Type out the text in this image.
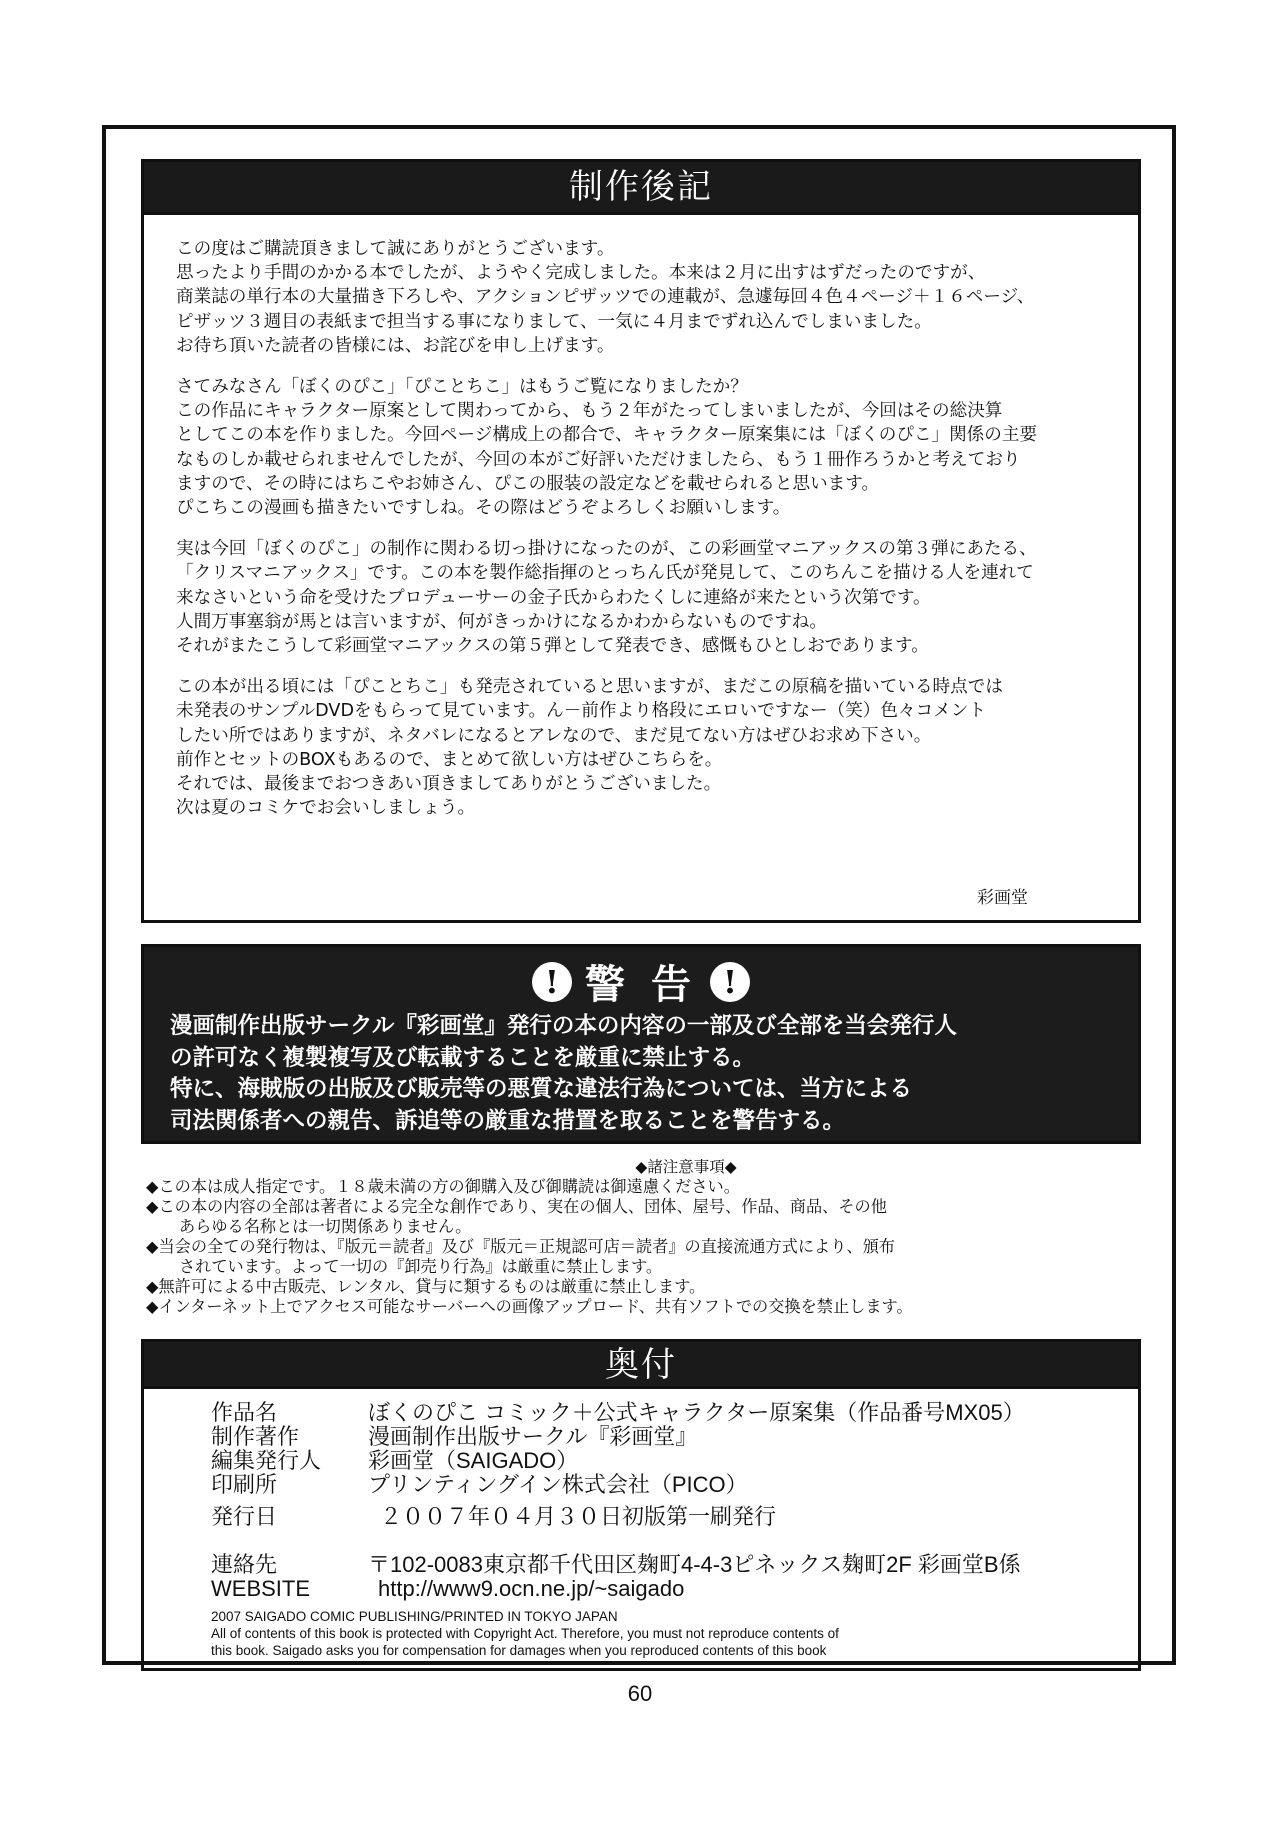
制作後記
この度はご購読頂きまして誠にありがとうございます。
思ったより手間のかかる本でしたが、ようやく完成しました。本来は２月に出すはずだったのですが、
商業誌の単行本の大量描き下ろしや、アクションピザッツでの連載が、急遽毎回４色４ページ＋１６ページ、
ピザッツ３週目の表紙まで担当する事になりまして、一気に４月までずれ込んでしまいました。
お待ち頂いた読者の皆様には、お詫びを申し上げます。
さてみなさん「ぼくのぴこ」「ぴことちこ」はもうご覧になりましたか？
この作品にキャラクター原案として関わってから、もう２年がたってしまいましたが、今回はその総決算
としてこの本を作りました。今回ページ構成上の都合で、キャラクター原案集には「ぼくのぴこ」関係の主要
なものしか載せられませんでしたが、今回の本がご好評いただけましたら、もう１冊作ろうかと考えており
ますので、その時にはちこやお姉さん、ぴこの服装の設定などを載せられると思います。
ぴこちこの漫画も描きたいですしね。その際はどうぞよろしくお願いします。
実は今回「ぼくのぴこ」の制作に関わる切っ掛けになったのが、この彩画堂マニアックスの第３弾にあたる、
「クリスマニアックス」です。この本を製作総指揮のとっちん氏が発見して、このちんこを描ける人を連れて
来なさいという命を受けたプロデューサーの金子氏からわたくしに連絡が来たという次第です。
人間万事塞翁が馬とは言いますが、何がきっかけになるかわからないものですね。
それがまたこうして彩画堂マニアックスの第５弾として発表でき、感慨もひとしおであります。
この本が出る頃には「ぴことちこ」も発売されていると思いますが、まだこの原稿を描いている時点では
未発表のサンプルDVDをもらって見ています。ん－前作より格段にエロいですなー（笑）色々コメント
したい所ではありますが、ネタバレになるとアレなので、まだ見てない方はぜひお求め下さい。
前作とセットのBOXもあるので、まとめて欲しい方はぜひこちらを。
それでは、最後までおつきあい頂きましてありがとうございました。
次は夏のコミケでお会いしましょう。
彩画堂
! 警 告 !
漫画制作出版サークル『彩画堂』発行の本の内容の一部及び全部を当会発行人
の許可なく複製複写及び転載することを厳重に禁止する。
特に、海賊版の出版及び販売等の悪質な違法行為については、当方による
司法関係者への親告、訴追等の厳重な措置を取ることを警告する。
◆諸注意事項◆
◆この本は成人指定です。１８歳未満の方の御購入及び御購読は御遠慮ください。
◆この本の内容の全部は著者による完全な創作であり、実在の個人、団体、屋号、作品、商品、その他
あらゆる名称とは一切関係ありません。
◆当会の全ての発行物は、『版元＝読者』及び『版元＝正規認可店＝読者』の直接流通方式により、頒布
されています。よって一切の『卸売り行為』は厳重に禁止します。
◆無許可による中古販売、レンタル、貸与に類するものは厳重に禁止します。
◆インターネット上でアクセス可能なサーバーへの画像アップロード、共有ソフトでの交換を禁止します。
奥付
作品名	ぼくのぴこ コミック＋公式キャラクター原案集（作品番号MX05）
制作著作	漫画制作出版サークル『彩画堂』
編集発行人 彩画堂（SAIGADO）
印刷所	プリンティングイン株式会社（PICO）
発行日	２００７年０４月３０日初版第一刷発行
連絡先	〒102-0083東京都千代田区麹町4-4-3ピネックス麹町2F 彩画堂B係
WEBSITE	http://www9.ocn.ne.jp/~saigado
2007 SAIGADO COMIC PUBLISHING/PRINTED IN TOKYO JAPAN
All of contents of this book is protected with Copyright Act. Therefore, you must not reproduce contents of
this book. Saigado asks you for compensation for damages when you reproduced contents of this book
60
